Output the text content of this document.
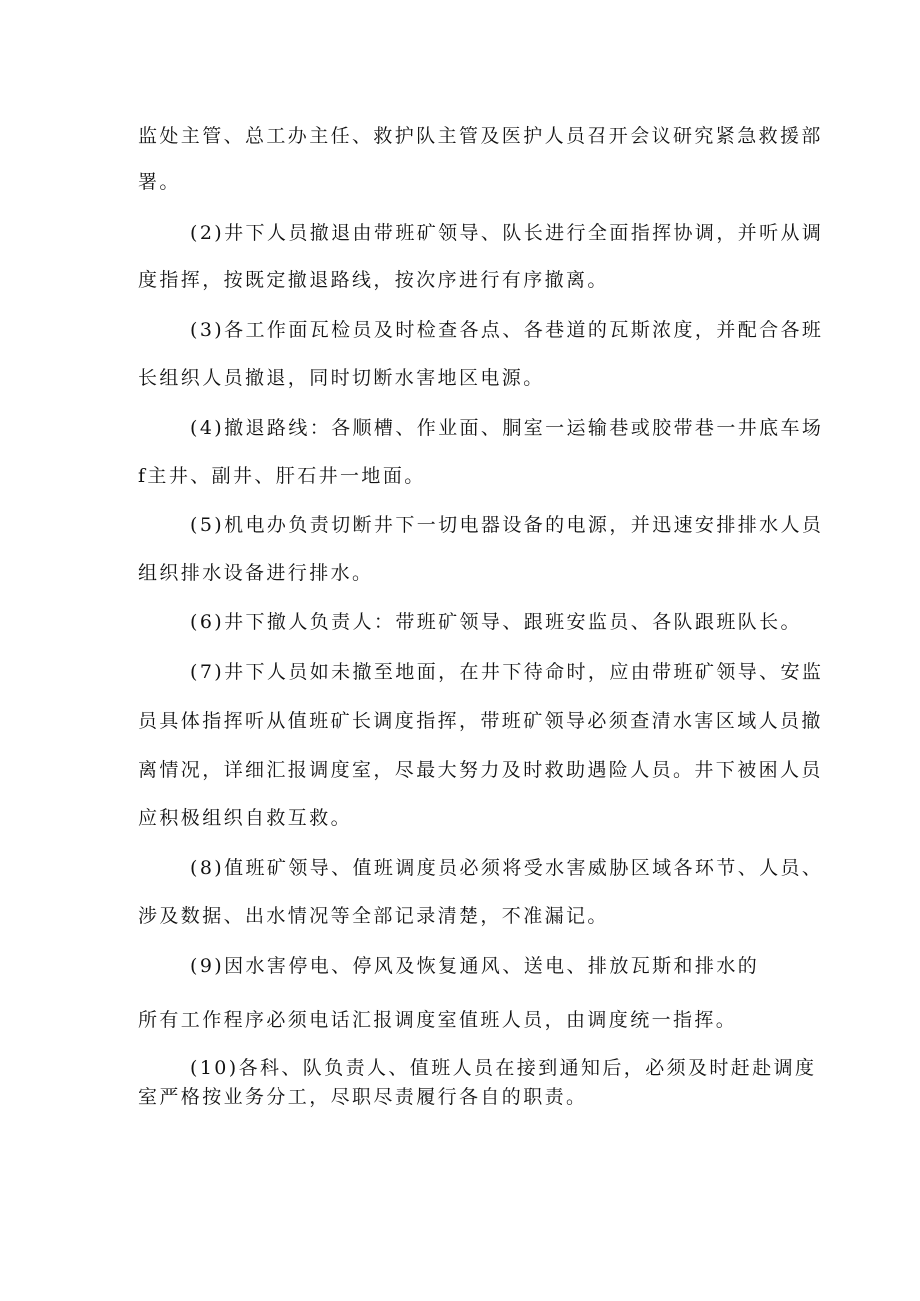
监处主管、总工办主任、救护队主管及医护人员召开会议研究紧急救援部

署。

(2)井下人员撤退由带班矿领导、队长进行全面指挥协调，并听从调

度指挥，按既定撤退路线，按次序进行有序撤离。

(3)各工作面瓦检员及时检查各点、各巷道的瓦斯浓度，并配合各班

长组织人员撤退，同时切断水害地区电源。

(4)撤退路线：各顺槽、作业面、胴室一运输巷或胶带巷一井底车场

f主井、副井、肝石井一地面。

(5)机电办负责切断井下一切电器设备的电源，并迅速安排排水人员

组织排水设备进行排水。

(6)井下撤人负责人：带班矿领导、跟班安监员、各队跟班队长。

(7)井下人员如未撤至地面，在井下待命时，应由带班矿领导、安监

员具体指挥听从值班矿长调度指挥，带班矿领导必须查清水害区域人员撤

离情况，详细汇报调度室，尽最大努力及时救助遇险人员。井下被困人员

应积极组织自救互救。

(8)值班矿领导、值班调度员必须将受水害威胁区域各环节、人员、

涉及数据、出水情况等全部记录清楚，不准漏记。

(9)因水害停电、停风及恢复通风、送电、排放瓦斯和排水的

所有工作程序必须电话汇报调度室值班人员，由调度统一指挥。

(10)各科、队负责人、值班人员在接到通知后，必须及时赶赴调度

室严格按业务分工，尽职尽责履行各自的职责。
